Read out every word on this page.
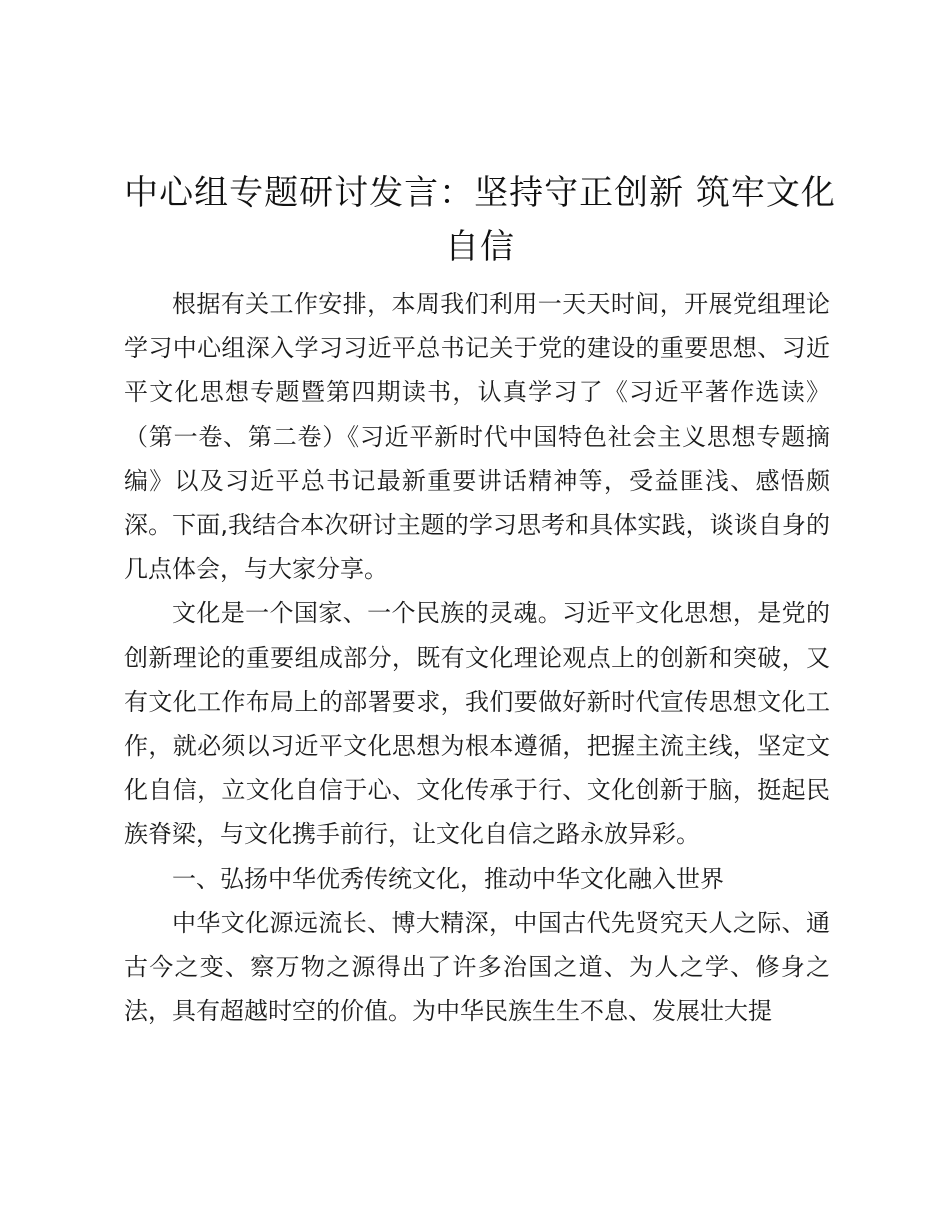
中心组专题研讨发言：坚持守正创新 筑牢文化自信

根据有关工作安排，本周我们利用一天天时间，开展党组理论学习中心组深入学习习近平总书记关于党的建设的重要思想、习近平文化思想专题暨第四期读书，认真学习了《习近平著作选读》（第一卷、第二卷）《习近平新时代中国特色社会主义思想专题摘编》以及习近平总书记最新重要讲话精神等，受益匪浅、感悟颇深。下面,我结合本次研讨主题的学习思考和具体实践，谈谈自身的几点体会，与大家分享。

文化是一个国家、一个民族的灵魂。习近平文化思想，是党的创新理论的重要组成部分，既有文化理论观点上的创新和突破，又有文化工作布局上的部署要求，我们要做好新时代宣传思想文化工作，就必须以习近平文化思想为根本遵循，把握主流主线，坚定文化自信，立文化自信于心、文化传承于行、文化创新于脑，挺起民族脊梁，与文化携手前行，让文化自信之路永放异彩。

一、弘扬中华优秀传统文化，推动中华文化融入世界

中华文化源远流长、博大精深，中国古代先贤究天人之际、通古今之变、察万物之源得出了许多治国之道、为人之学、修身之法，具有超越时空的价值。为中华民族生生不息、发展壮大提
